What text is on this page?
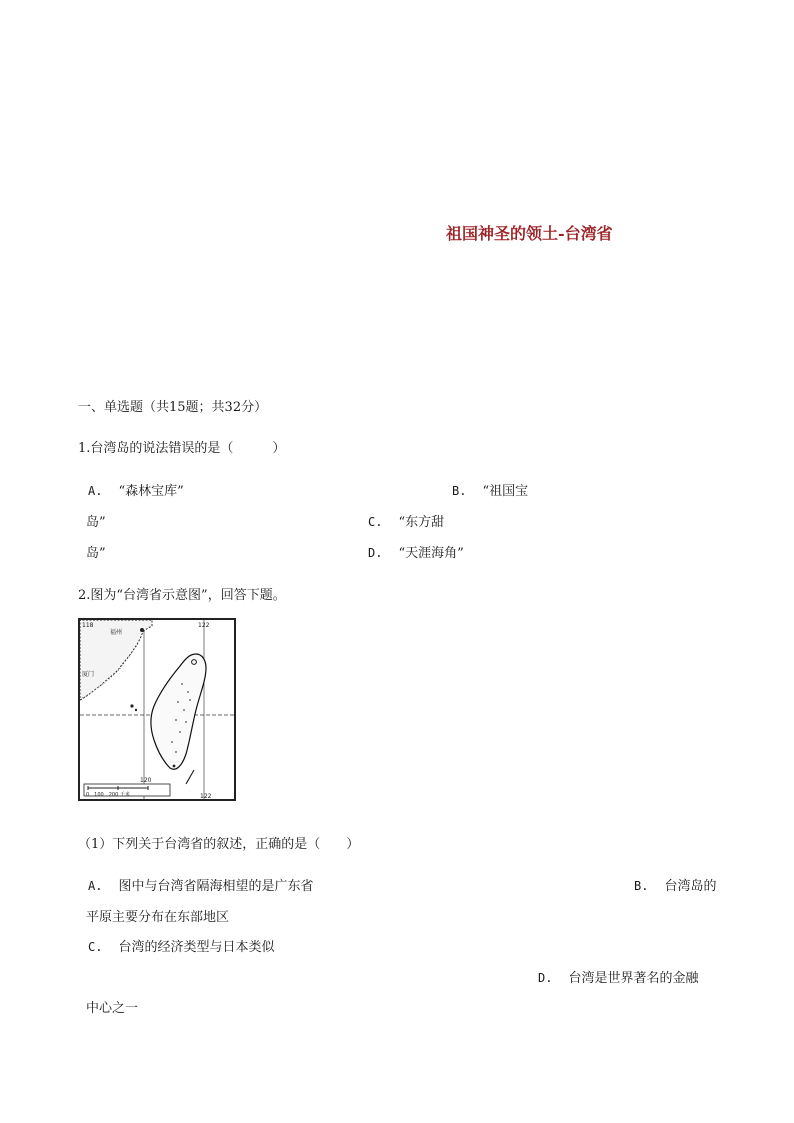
祖国神圣的领土-台湾省
一、单选题（共15题；共32分）
1.台湾岛的说法错误的是（　　　）
A. “森林宝库”	B. “祖国宝
岛”	C. “东方甜
岛”	D. “天涯海角”
2.图为“台湾省示意图”，回答下题。
118	122
120
122
福州
厦门
0　100　200 千米
（1）下列关于台湾省的叙述，正确的是（　　）
A. 图中与台湾省隔海相望的是广东省	B. 台湾岛的
平原主要分布在东部地区
C. 台湾的经济类型与日本类似
D. 台湾是世界著名的金融
中心之一
